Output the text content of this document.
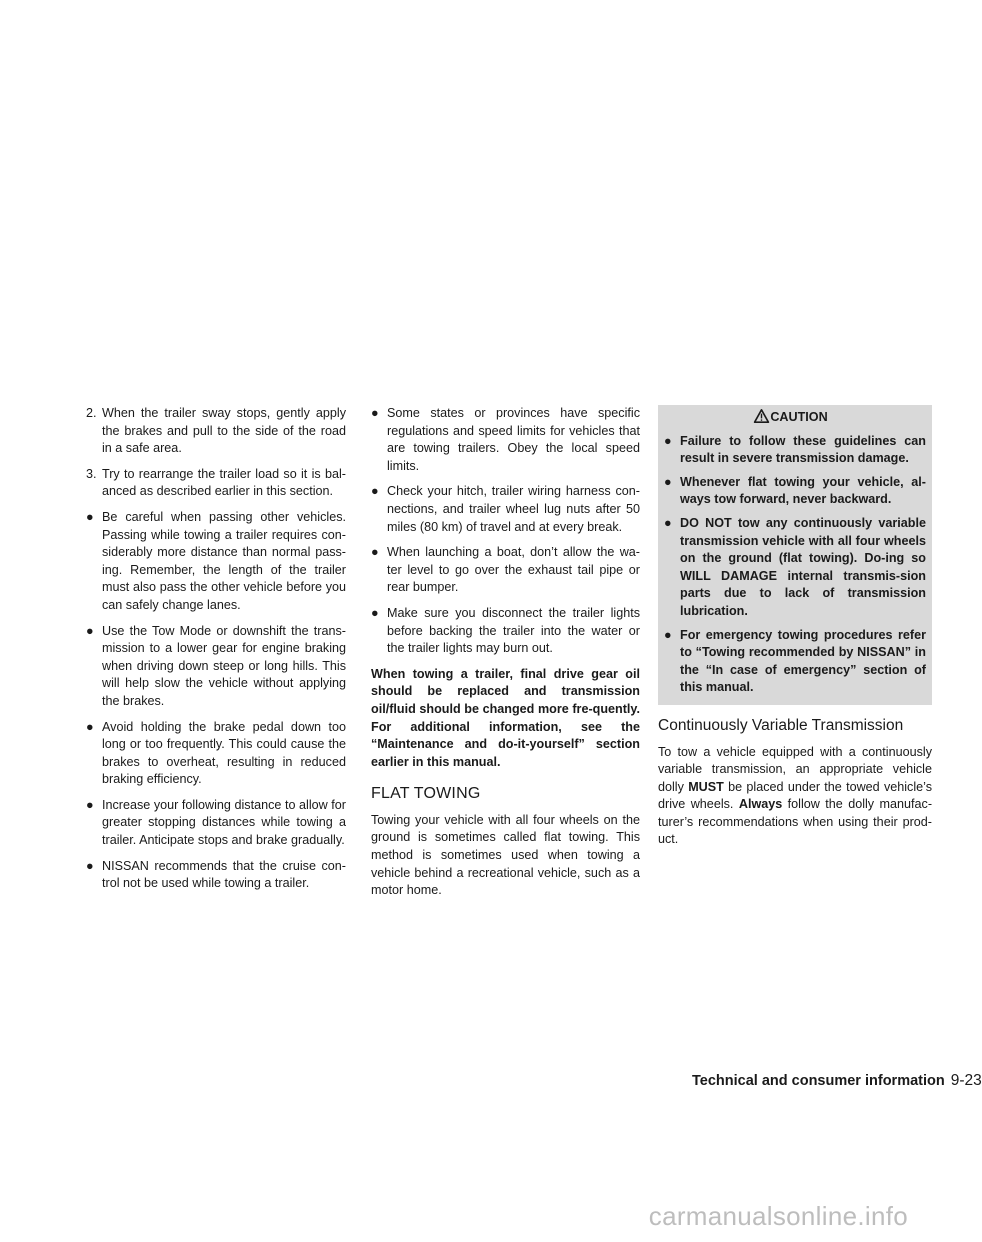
2. When the trailer sway stops, gently apply the brakes and pull to the side of the road in a safe area.
3. Try to rearrange the trailer load so it is bal-anced as described earlier in this section.
● Be careful when passing other vehicles. Passing while towing a trailer requires con-siderably more distance than normal pass-ing. Remember, the length of the trailer must also pass the other vehicle before you can safely change lanes.
● Use the Tow Mode or downshift the trans-mission to a lower gear for engine braking when driving down steep or long hills. This will help slow the vehicle without applying the brakes.
● Avoid holding the brake pedal down too long or too frequently. This could cause the brakes to overheat, resulting in reduced braking efficiency.
● Increase your following distance to allow for greater stopping distances while towing a trailer. Anticipate stops and brake gradually.
● NISSAN recommends that the cruise con-trol not be used while towing a trailer.
● Some states or provinces have specific regulations and speed limits for vehicles that are towing trailers. Obey the local speed limits.
● Check your hitch, trailer wiring harness con-nections, and trailer wheel lug nuts after 50 miles (80 km) of travel and at every break.
● When launching a boat, don’t allow the wa-ter level to go over the exhaust tail pipe or rear bumper.
● Make sure you disconnect the trailer lights before backing the trailer into the water or the trailer lights may burn out.

When towing a trailer, final drive gear oil should be replaced and transmission oil/fluid should be changed more fre-quently. For additional information, see the “Maintenance and do-it-yourself” section earlier in this manual.

FLAT TOWING

Towing your vehicle with all four wheels on the ground is sometimes called flat towing. This method is sometimes used when towing a vehicle behind a recreational vehicle, such as a motor home.

CAUTION
● Failure to follow these guidelines can result in severe transmission damage.
● Whenever flat towing your vehicle, al-ways tow forward, never backward.
● DO NOT tow any continuously variable transmission vehicle with all four wheels on the ground (flat towing). Do-ing so WILL DAMAGE internal transmis-sion parts due to lack of transmission lubrication.
● For emergency towing procedures refer to “Towing recommended by NISSAN” in the “In case of emergency” section of this manual.
Continuously Variable Transmission

To tow a vehicle equipped with a continuously variable transmission, an appropriate vehicle dolly MUST be placed under the towed vehicle’s drive wheels. Always follow the dolly manufac-turer’s recommendations when using their prod-uct.

Technical and consumer information 9-23
carmanualsonline.info
